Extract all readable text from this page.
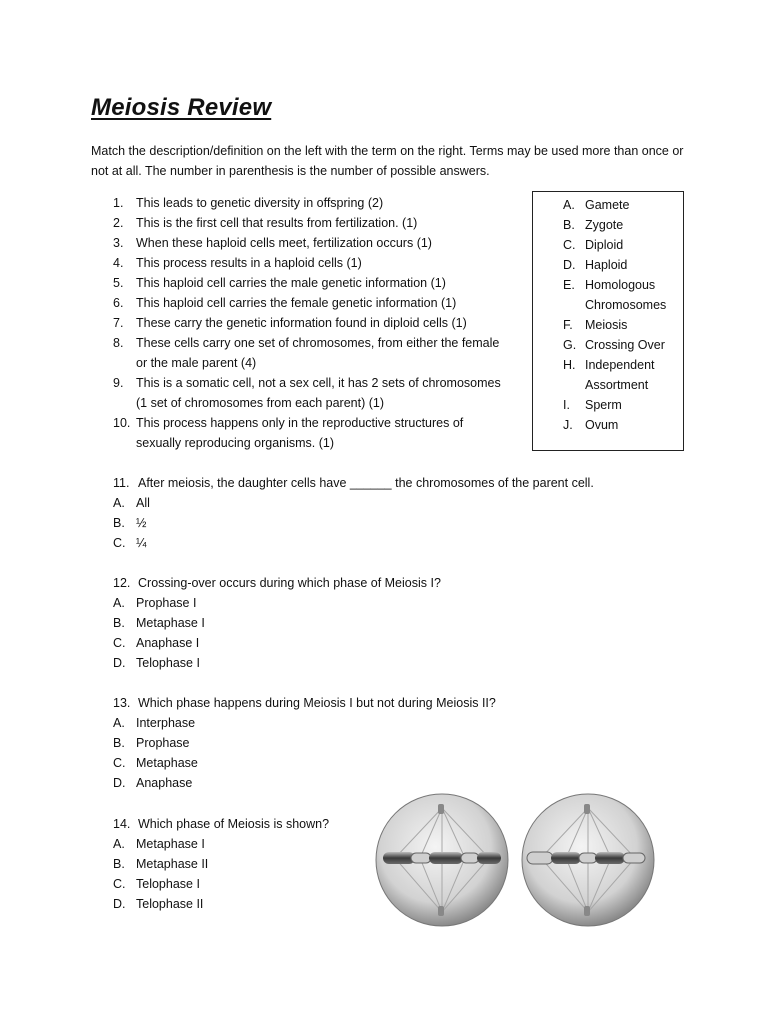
Meiosis Review
Match the description/definition on the left with the term on the right. Terms may be used more than once or not at all. The number in parenthesis is the number of possible answers.
1. This leads to genetic diversity in offspring (2)
2. This is the first cell that results from fertilization. (1)
3. When these haploid cells meet, fertilization occurs (1)
4. This process results in a haploid cells (1)
5. This haploid cell carries the male genetic information (1)
6. This haploid cell carries the female genetic information (1)
7. These carry the genetic information found in diploid cells (1)
8. These cells carry one set of chromosomes, from either the female
or the male parent (4)
9. This is a somatic cell, not a sex cell, it has 2 sets of chromosomes
(1 set of chromosomes from each parent) (1)
10. This process happens only in the reproductive structures of
sexually reproducing organisms. (1)
A. Gamete
B. Zygote
C. Diploid
D. Haploid
E. Homologous
Chromosomes
F. Meiosis
G. Crossing Over
H. Independent
Assortment
I. Sperm
J. Ovum
11. After meiosis, the daughter cells have ______ the chromosomes of the parent cell.
A. All
B. ½
C. ¼
12. Crossing-over occurs during which phase of Meiosis I?
A. Prophase I
B. Metaphase I
C. Anaphase I
D. Telophase I
13. Which phase happens during Meiosis I but not during Meiosis II?
A. Interphase
B. Prophase
C. Metaphase
D. Anaphase
14. Which phase of Meiosis is shown?
A. Metaphase I
B. Metaphase II
C. Telophase I
D. Telophase II
